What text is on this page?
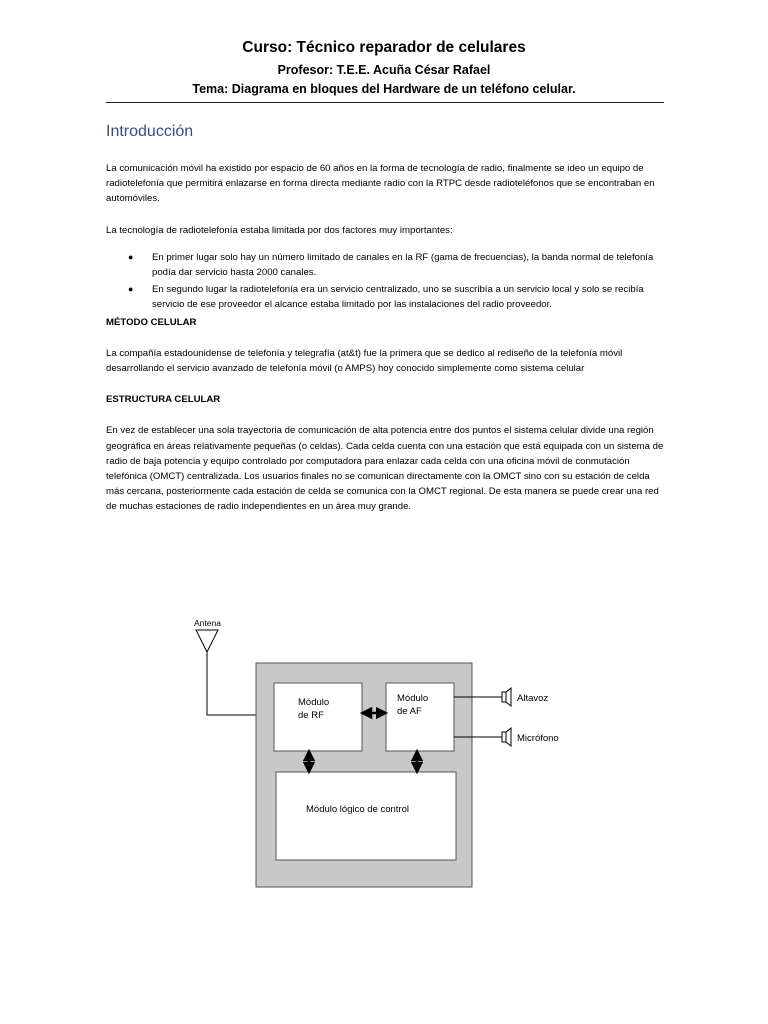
Curso: Técnico reparador de celulares
Profesor: T.E.E. Acuña César Rafael
Tema: Diagrama en bloques del Hardware de un teléfono celular.
Introducción

La comunicación móvil ha existido por espacio de 60 años en la forma de tecnología de radio, finalmente se ideo un equipo de radiotelefonía que permitirá enlazarse en forma directa mediante radio con la RTPC desde radioteléfonos que se encontraban en automóviles.

La tecnología de radiotelefonía estaba limitada por dos factores muy importantes:

● En primer lugar solo hay un número limitado de canales en la RF (gama de frecuencias), la banda normal de telefonía podía dar servicio hasta 2000 canales.
● En segundo lugar la radiotelefonía era un servicio centralizado, uno se suscribía a un servicio local y solo se recibía servicio de ese proveedor el alcance estaba limitado por las instalaciones del radio proveedor.
MÉTODO CELULAR

La compañía estadounidense de telefonía y telegrafía (at&t) fue la primera que se dedico al rediseño de la telefonía móvil desarrollando el servicio avanzado de telefonía móvil (o AMPS) hoy conocido simplemente como sistema celular

ESTRUCTURA CELULAR

En vez de establecer una sola trayectoria de comunicación de alta potencia entre dos puntos el sistema celular divide una región geográfica en áreas relativamente pequeñas (o celdas). Cada celda cuenta con una estación que está equipada con un sistema de radio de baja potencia y equipo controlado por computadora para enlazar cada celda con una oficina móvil de conmutación telefónica (OMCT) centralizada. Los usuarios finales no se comunican directamente con la OMCT sino con su estación de celda más cercana, posteriormente cada estación de celda se comunica con la OMCT regional. De esta manera se puede crear una red de muchas estaciones de radio independientes en un área muy grande.

Antena
Módulo
de RF
Módulo
de AF
Módulo lógico de control
Altavoz
Micrófono
